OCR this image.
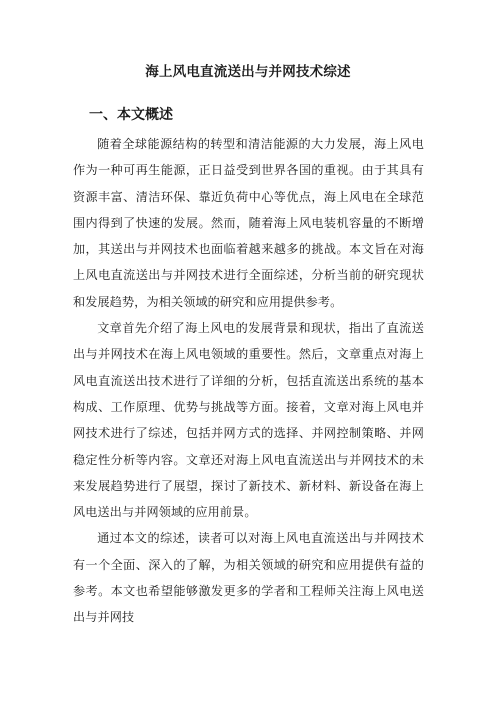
海上风电直流送出与并网技术综述
一、本文概述

随着全球能源结构的转型和清洁能源的大力发展，海上风电作为一种可再生能源，正日益受到世界各国的重视。由于其具有资源丰富、清洁环保、靠近负荷中心等优点，海上风电在全球范围内得到了快速的发展。然而，随着海上风电装机容量的不断增加，其送出与并网技术也面临着越来越多的挑战。本文旨在对海上风电直流送出与并网技术进行全面综述，分析当前的研究现状和发展趋势，为相关领域的研究和应用提供参考。

文章首先介绍了海上风电的发展背景和现状，指出了直流送出与并网技术在海上风电领域的重要性。然后，文章重点对海上风电直流送出技术进行了详细的分析，包括直流送出系统的基本构成、工作原理、优势与挑战等方面。接着，文章对海上风电并网技术进行了综述，包括并网方式的选择、并网控制策略、并网稳定性分析等内容。文章还对海上风电直流送出与并网技术的未来发展趋势进行了展望，探讨了新技术、新材料、新设备在海上风电送出与并网领域的应用前景。

通过本文的综述，读者可以对海上风电直流送出与并网技术有一个全面、深入的了解，为相关领域的研究和应用提供有益的参考。本文也希望能够激发更多的学者和工程师关注海上风电送出与并网技
